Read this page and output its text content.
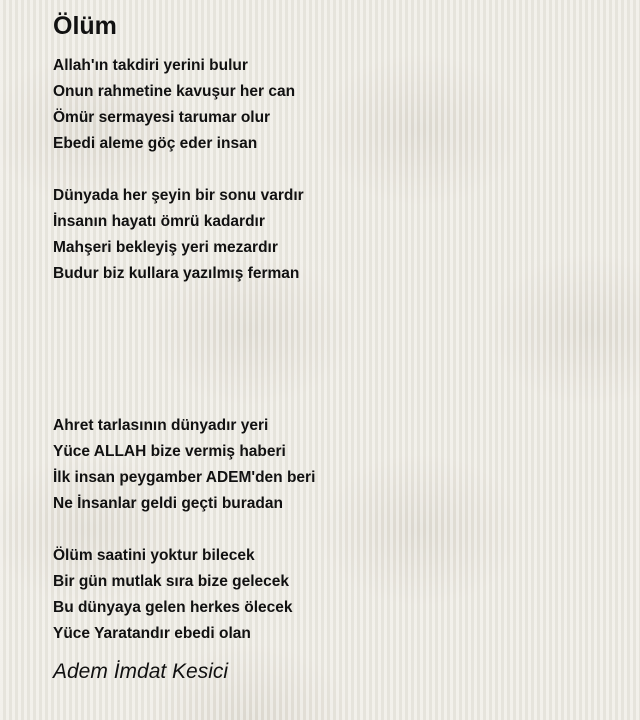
Ölüm
Allah'ın takdiri yerini bulur
Onun rahmetine kavuşur her can
Ömür sermayesi tarumar olur
Ebedi aleme göç eder insan
Dünyada her şeyin bir sonu vardır
İnsanın hayatı ömrü kadardır
Mahşeri bekleyiş yeri mezardır
Budur biz kullara yazılmış ferman
Ahret tarlasının dünyadır yeri
Yüce ALLAH bize vermiş haberi
İlk insan peygamber ADEM'den beri
Ne İnsanlar geldi geçti buradan
Ölüm saatini yoktur bilecek
Bir gün mutlak sıra bize gelecek
Bu dünyaya gelen herkes ölecek
Yüce Yaratandır ebedi olan
Adem İmdat Kesici
